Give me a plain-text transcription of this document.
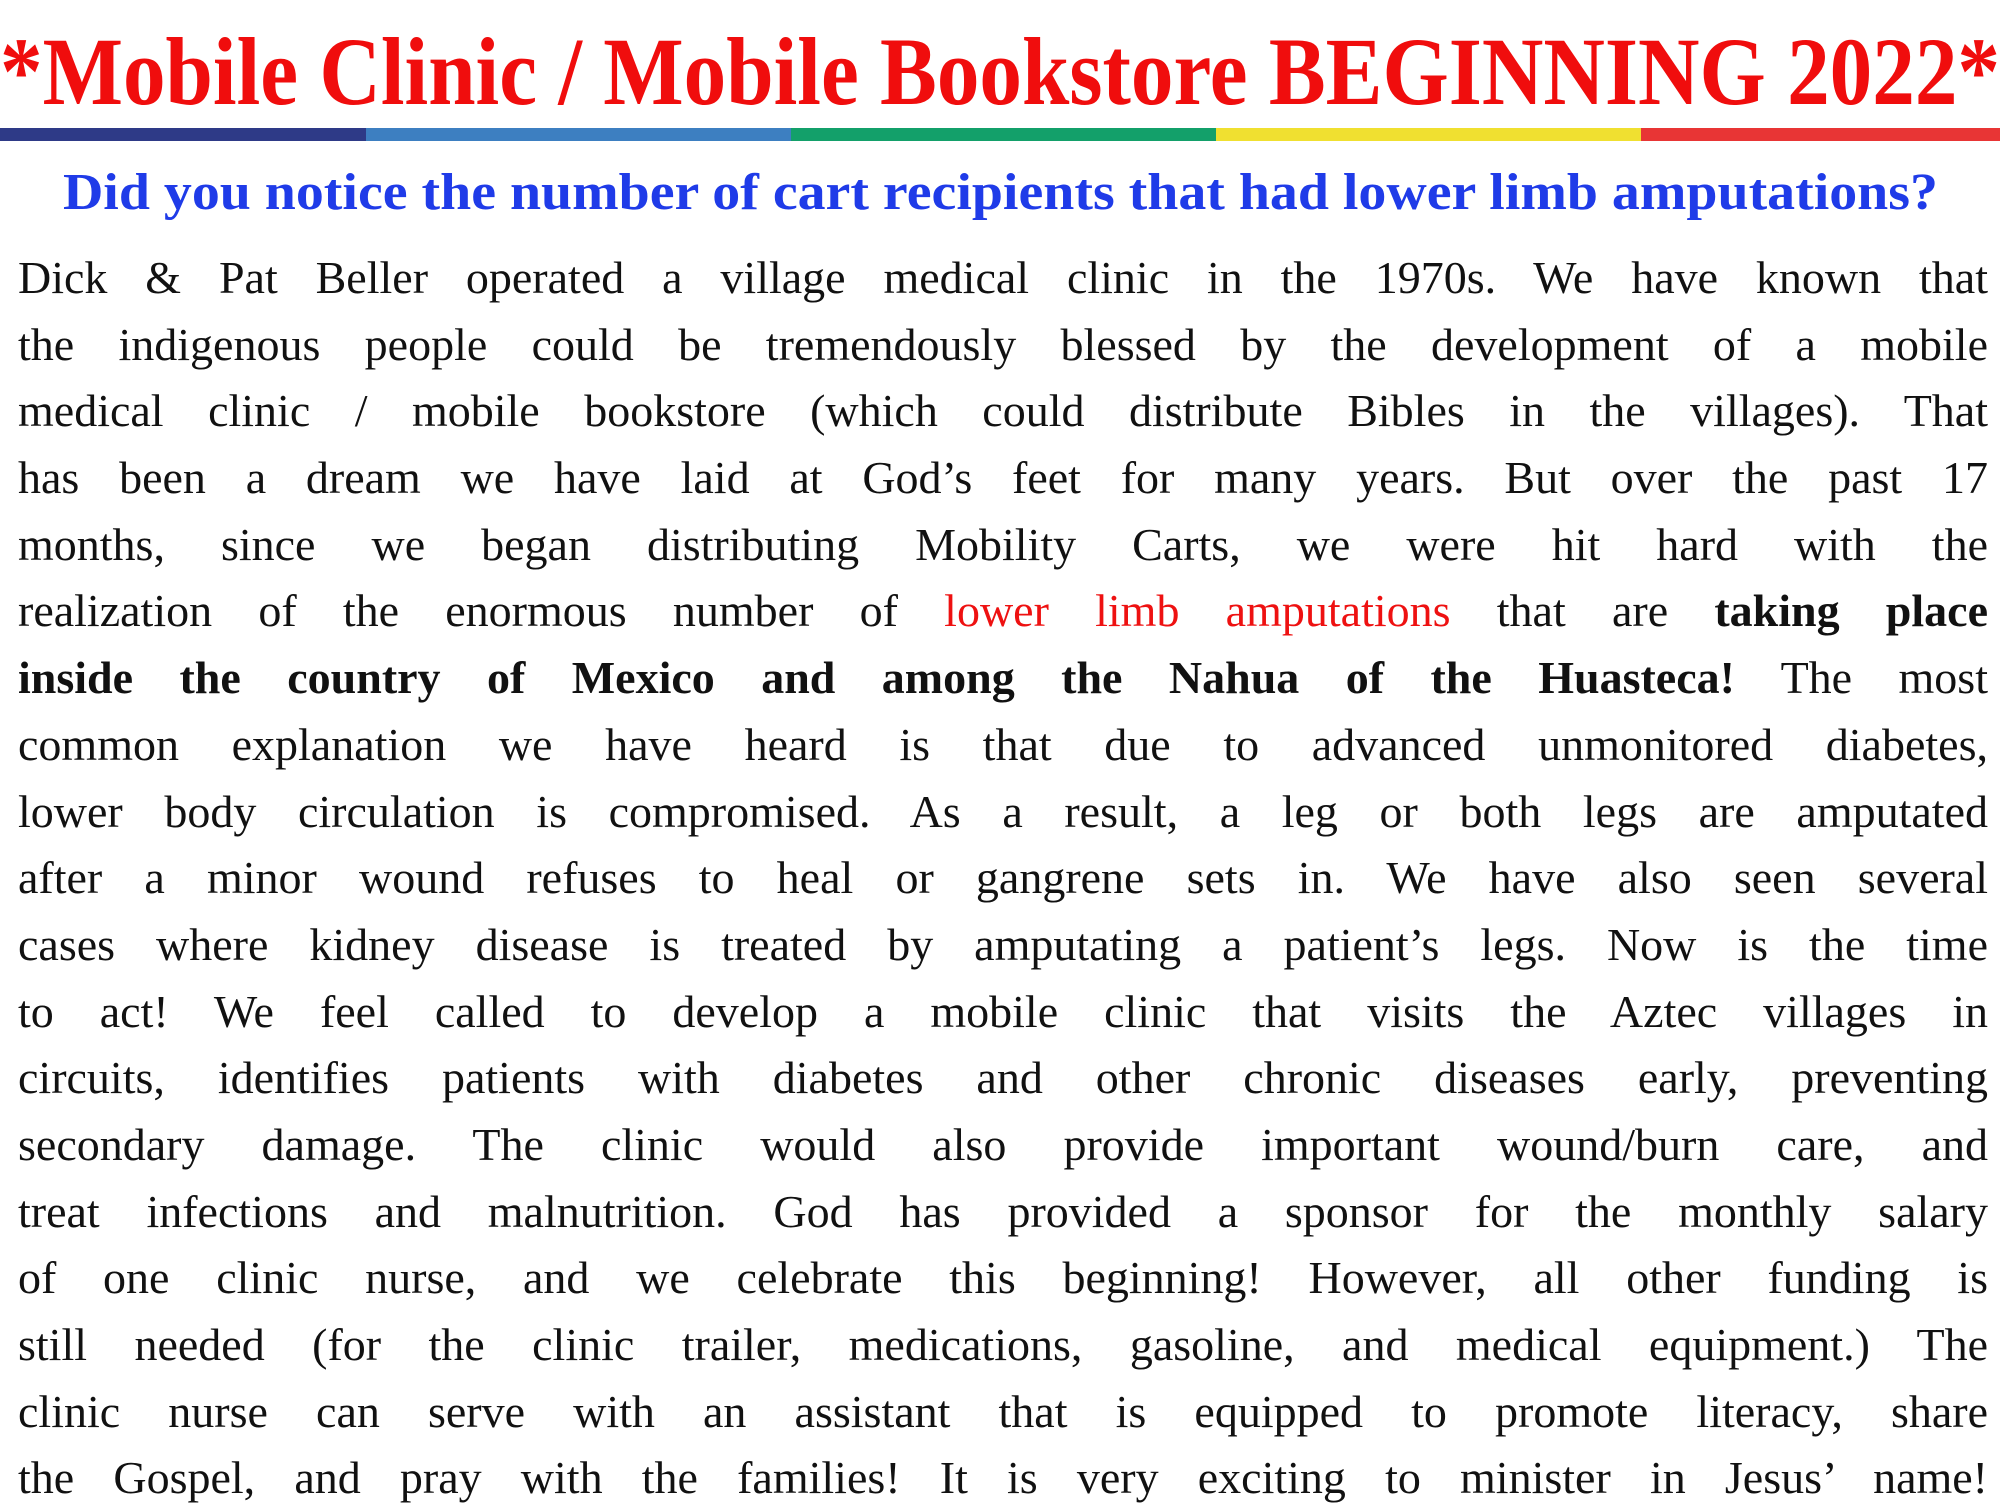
*Mobile Clinic / Mobile Bookstore BEGINNING 2022*
Did you notice the number of cart recipients that had lower limb amputations?
Dick & Pat Beller operated a village medical clinic in the 1970s. We have known that
the indigenous people could be tremendously blessed by the development of a mobile
medical clinic / mobile bookstore (which could distribute Bibles in the villages). That
has been a dream we have laid at God’s feet for many years. But over the past 17
months, since we began distributing Mobility Carts, we were hit hard with the
realization of the enormous number of lower limb amputations that are taking place
inside the country of Mexico and among the Nahua of the Huasteca! The most
common explanation we have heard is that due to advanced unmonitored diabetes,
lower body circulation is compromised. As a result, a leg or both legs are amputated
after a minor wound refuses to heal or gangrene sets in. We have also seen several
cases where kidney disease is treated by amputating a patient’s legs. Now is the time
to act! We feel called to develop a mobile clinic that visits the Aztec villages in
circuits, identifies patients with diabetes and other chronic diseases early, preventing
secondary damage. The clinic would also provide important wound/burn care, and
treat infections and malnutrition. God has provided a sponsor for the monthly salary
of one clinic nurse, and we celebrate this beginning! However, all other funding is
still needed (for the clinic trailer, medications, gasoline, and medical equipment.) The
clinic nurse can serve with an assistant that is equipped to promote literacy, share
the Gospel, and pray with the families! It is very exciting to minister in Jesus’ name!
